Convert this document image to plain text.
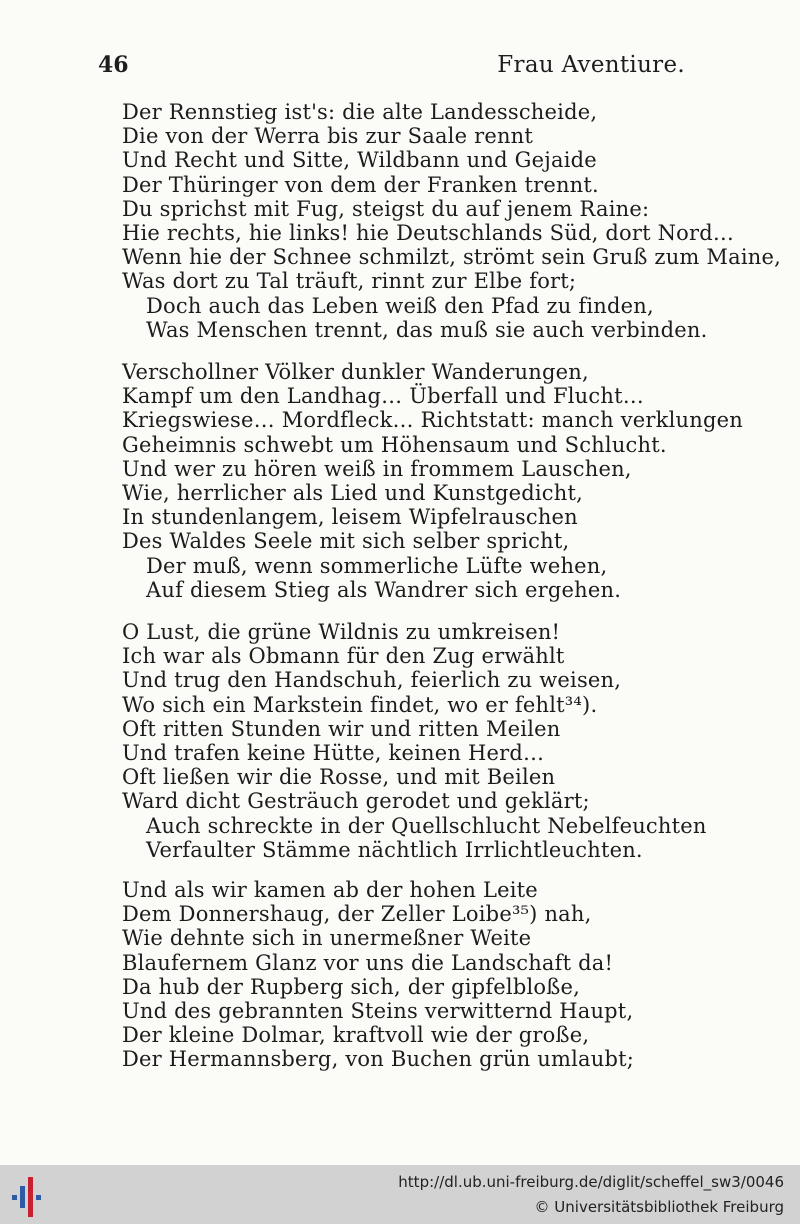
46	Frau Aventiure.
Der Rennstieg ist's: die alte Landesscheide,
Die von der Werra bis zur Saale rennt
Und Recht und Sitte, Wildbann und Gejaide
Der Thüringer von dem der Franken trennt.
Du sprichst mit Fug, steigst du auf jenem Raine:
Hie rechts, hie links! hie Deutschlands Süd, dort Nord…
Wenn hie der Schnee schmilzt, strömt sein Gruß zum Maine,
Was dort zu Tal träuft, rinnt zur Elbe fort;
Doch auch das Leben weiß den Pfad zu finden,
Was Menschen trennt, das muß sie auch verbinden.
Verschollner Völker dunkler Wanderungen,
Kampf um den Landhag… Überfall und Flucht…
Kriegswiese… Mordfleck… Richtstatt: manch verklungen
Geheimnis schwebt um Höhensaum und Schlucht.
Und wer zu hören weiß in frommem Lauschen,
Wie, herrlicher als Lied und Kunstgedicht,
In stundenlangem, leisem Wipfelrauschen
Des Waldes Seele mit sich selber spricht,
Der muß, wenn sommerliche Lüfte wehen,
Auf diesem Stieg als Wandrer sich ergehen.
O Lust, die grüne Wildnis zu umkreisen!
Ich war als Obmann für den Zug erwählt
Und trug den Handschuh, feierlich zu weisen,
Wo sich ein Markstein findet, wo er fehlt³⁴).
Oft ritten Stunden wir und ritten Meilen
Und trafen keine Hütte, keinen Herd…
Oft ließen wir die Rosse, und mit Beilen
Ward dicht Gesträuch gerodet und geklärt;
Auch schreckte in der Quellschlucht Nebelfeuchten
Verfaulter Stämme nächtlich Irrlichtleuchten.
Und als wir kamen ab der hohen Leite
Dem Donnershaug, der Zeller Loibe³⁵) nah,
Wie dehnte sich in unermeßner Weite
Blaufernem Glanz vor uns die Landschaft da!
Da hub der Rupberg sich, der gipfelbloße,
Und des gebrannten Steins verwitternd Haupt,
Der kleine Dolmar, kraftvoll wie der große,
Der Hermannsberg, von Buchen grün umlaubt;
http://dl.ub.uni-freiburg.de/diglit/scheffel_sw3/0046
© Universitätsbibliothek Freiburg
